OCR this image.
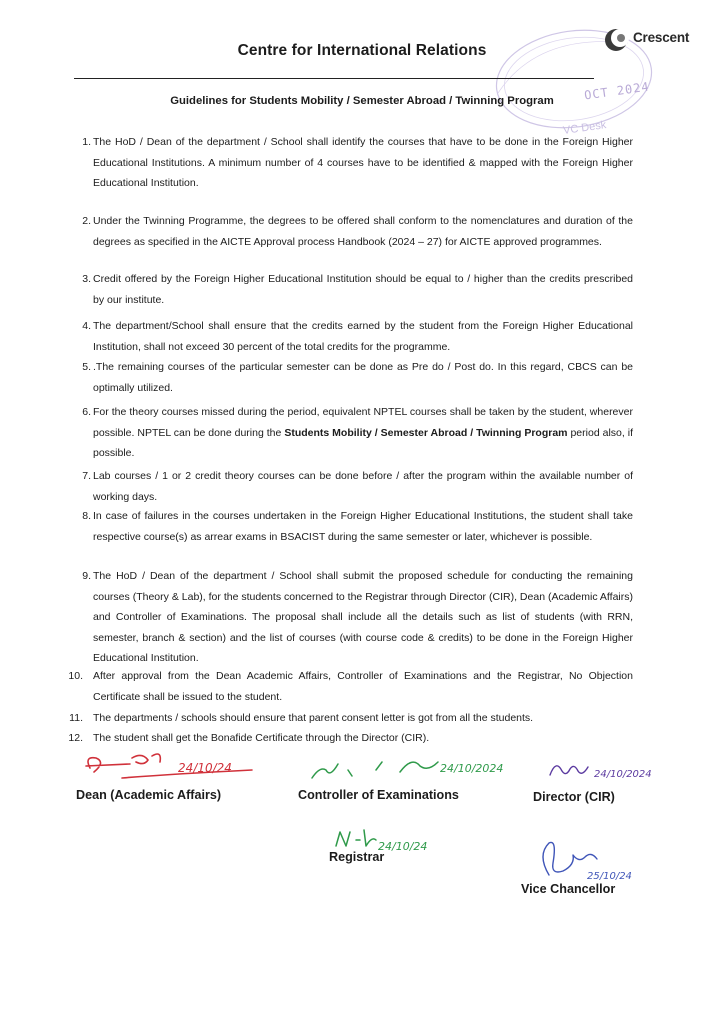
OCT 2024
VC Desk
Crescent
Centre for International Relations
Guidelines for Students Mobility / Semester Abroad / Twinning Program
1. The HoD / Dean of the department / School shall identify the courses that have to be done in the Foreign Higher Educational Institutions. A minimum number of 4 courses have to be identified & mapped with the Foreign Higher Educational Institution.
2. Under the Twinning Programme, the degrees to be offered shall conform to the nomenclatures and duration of the degrees as specified in the AICTE Approval process Handbook (2024 – 27) for AICTE approved programmes.
3. Credit offered by the Foreign Higher Educational Institution should be equal to / higher than the credits prescribed by our institute.
4. The department/School shall ensure that the credits earned by the student from the Foreign Higher Educational Institution, shall not exceed 30 percent of the total credits for the programme.
5. .The remaining courses of the particular semester can be done as Pre do / Post do. In this regard, CBCS can be optimally utilized.
6. For the theory courses missed during the period, equivalent NPTEL courses shall be taken by the student, wherever possible. NPTEL can be done during the Students Mobility / Semester Abroad / Twinning Program period also, if possible.
7. Lab courses / 1 or 2 credit theory courses can be done before / after the program within the available number of working days.
8. In case of failures in the courses undertaken in the Foreign Higher Educational Institutions, the student shall take respective course(s) as arrear exams in BSACIST during the same semester or later, whichever is possible.
9. The HoD / Dean of the department / School shall submit the proposed schedule for conducting the remaining courses (Theory & Lab), for the students concerned to the Registrar through Director (CIR), Dean (Academic Affairs) and Controller of Examinations. The proposal shall include all the details such as list of students (with RRN, semester, branch & section) and the list of courses (with course code & credits) to be done in the Foreign Higher Educational Institution.
10. After approval from the Dean Academic Affairs, Controller of Examinations and the Registrar, No Objection Certificate shall be issued to the student.
11. The departments / schools should ensure that parent consent letter is got from all the students.
12. The student shall get the Bonafide Certificate through the Director (CIR).
24/10/24
Dean (Academic Affairs)
24/10/2024
Controller of Examinations
24/10/2024
Director (CIR)
24/10/24
Registrar
25/10/24
Vice Chancellor
